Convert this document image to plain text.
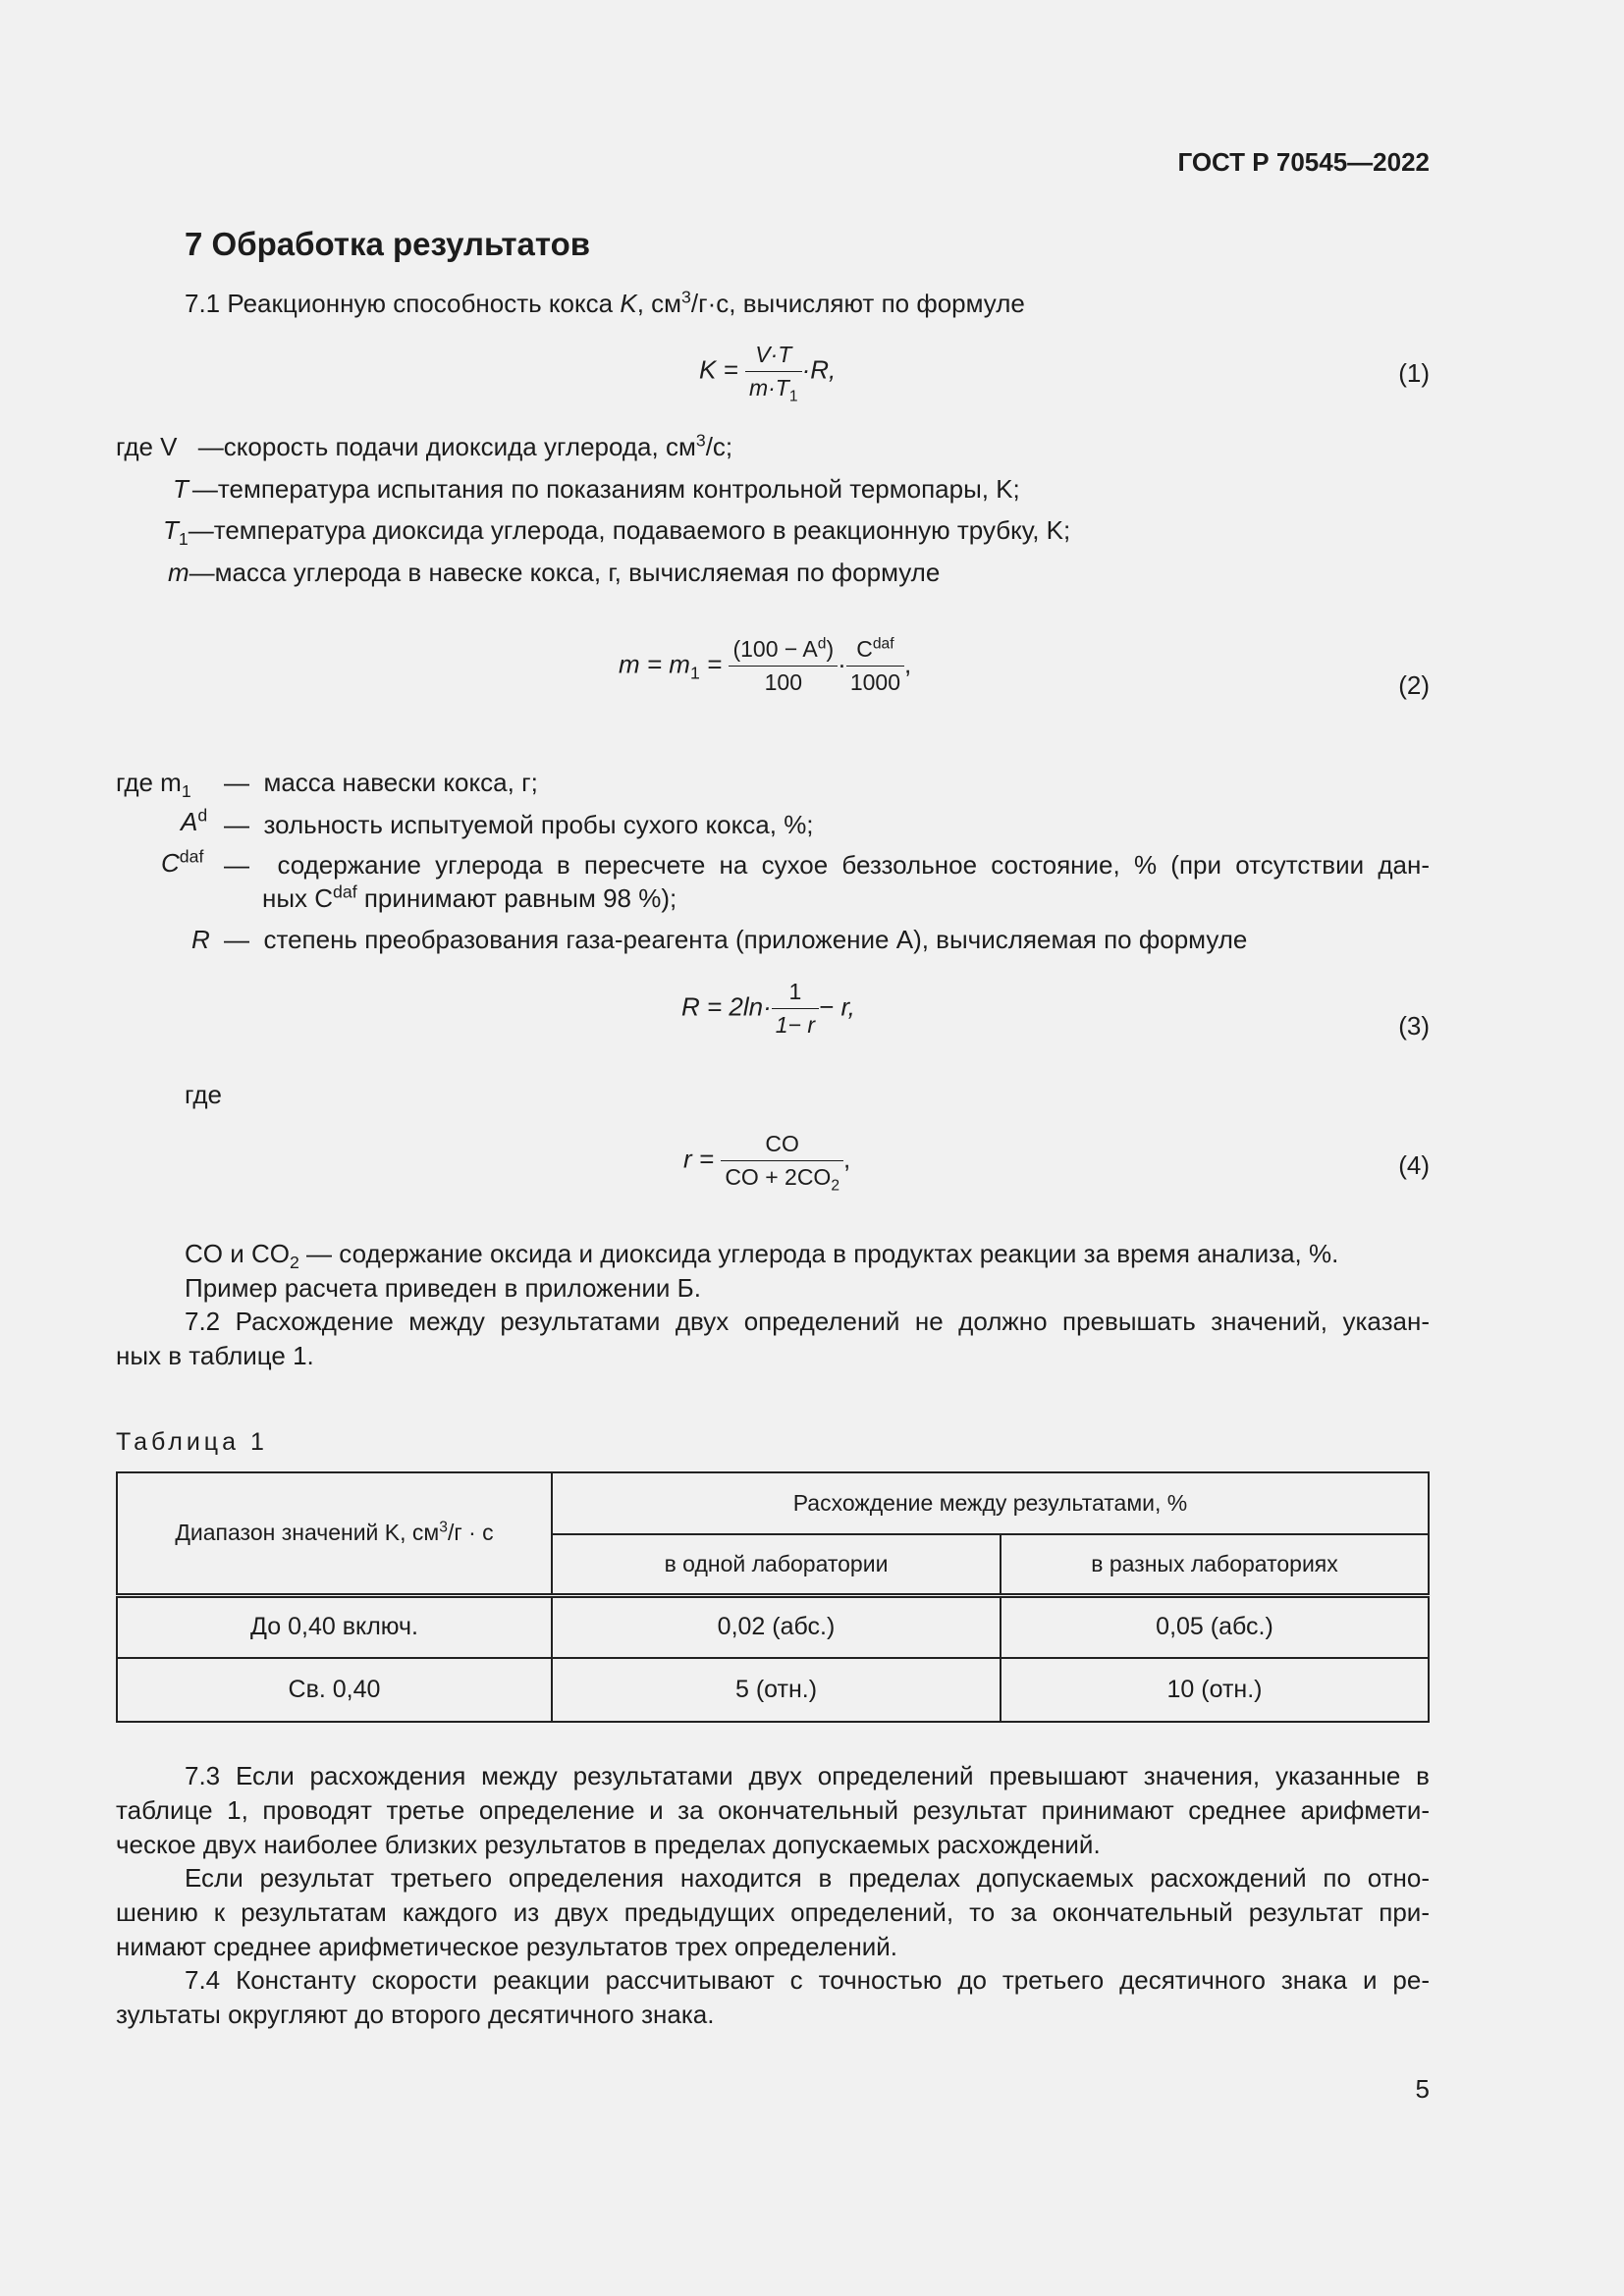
ГОСТ Р 70545—2022
7 Обработка результатов
7.1 Реакционную способность кокса K, $см^3/г\cdot с$, вычисляют по формуле
$K = \frac{V\cdot T}{m\cdot T_1} \cdot R$,	(1)
где V —скорость подачи диоксида углерода, $см^3/с$;
T —температура испытания по показаниям контрольной термопары, K;
$T_1—температура$ диоксида углерода, подаваемого в реакционную трубку, K;
m—масса углерода в навеске кокса, г, вычисляемая по формуле
$m = m_1 = \frac{(100 - A^d)}{100} \cdot \frac{C^{daf}}{1000}$ ,
(2)
где $m_1$ — масса навески кокса, г;
$A^d$ — зольность испытуемой пробы сухого кокса, %;
$C^{daf}$ — содержание углерода в пересчете на сухое беззольное состояние, % (при отсутствии дан-
ных $C^{daf}$ принимают равным 98 %);
R — степень преобразования газа-реагента (приложение А), вычисляемая по формуле
$R = 2\ln\cdot \frac{1}{1- r} - r$,
(3)
где
$r = \frac{CO}{CO + 2CO_2}$ ,	(4)
CO и $CO_2$ — содержание оксида и диоксида углерода в продуктах реакции за время анализа, %.
Пример расчета приведен в приложении Б.
7.2 Расхождение между результатами двух определений не должно превышать значений, указан-
ных в таблице 1.
Таблица 1
Диапазон значений K, $см^3/г \cdot с$	Расхождение между результатами, %	
	в одной лаборатории	в разных лабораториях
До 0,40 включ.	0,02 (абс.)	0,05 (абс.)
Св. 0,40	5 (отн.)	10 (отн.)
7.3 Если расхождения между результатами двух определений превышают значения, указанные в
таблице 1, проводят третье определение и за окончательный результат принимают среднее арифмети-
ческое двух наиболее близких результатов в пределах допускаемых расхождений.
Если результат третьего определения находится в пределах допускаемых расхождений по отно-
шению к результатам каждого из двух предыдущих определений, то за окончательный результат при-
нимают среднее арифметическое результатов трех определений.
7.4 Константу скорости реакции рассчитывают с точностью до третьего десятичного знака и ре-
зультаты округляют до второго десятичного знака.
5
